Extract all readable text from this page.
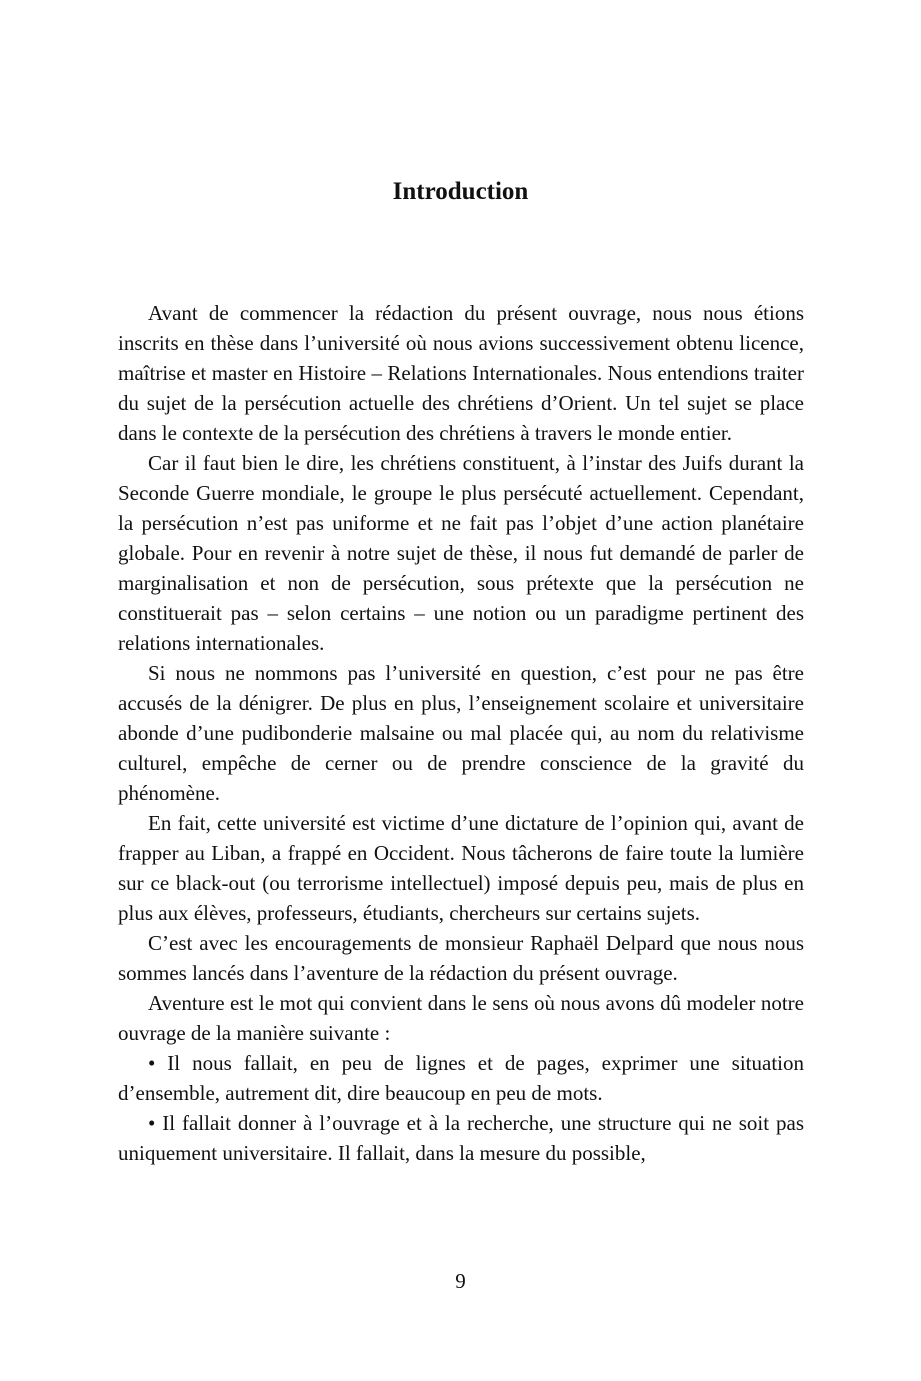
Introduction

Avant de commencer la rédaction du présent ouvrage, nous nous étions inscrits en thèse dans l’université où nous avions successivement obtenu licence, maîtrise et master en Histoire – Relations Internationales. Nous entendions traiter du sujet de la persécution actuelle des chrétiens d’Orient. Un tel sujet se place dans le contexte de la persécution des chrétiens à travers le monde entier.

Car il faut bien le dire, les chrétiens constituent, à l’instar des Juifs durant la Seconde Guerre mondiale, le groupe le plus persécuté actuellement. Cependant, la persécution n’est pas uniforme et ne fait pas l’objet d’une action planétaire globale. Pour en revenir à notre sujet de thèse, il nous fut demandé de parler de marginalisation et non de persécution, sous prétexte que la persécution ne constituerait pas – selon certains – une notion ou un paradigme pertinent des relations internationales.

Si nous ne nommons pas l’université en question, c’est pour ne pas être accusés de la dénigrer. De plus en plus, l’enseignement scolaire et universitaire abonde d’une pudibonderie malsaine ou mal placée qui, au nom du relativisme culturel, empêche de cerner ou de prendre conscience de la gravité du phénomène.

En fait, cette université est victime d’une dictature de l’opinion qui, avant de frapper au Liban, a frappé en Occident. Nous tâcherons de faire toute la lumière sur ce black-out (ou terrorisme intellectuel) imposé depuis peu, mais de plus en plus aux élèves, professeurs, étudiants, chercheurs sur certains sujets.

C’est avec les encouragements de monsieur Raphaël Delpard que nous nous sommes lancés dans l’aventure de la rédaction du présent ouvrage.

Aventure est le mot qui convient dans le sens où nous avons dû modeler notre ouvrage de la manière suivante :

• Il nous fallait, en peu de lignes et de pages, exprimer une situation d’ensemble, autrement dit, dire beaucoup en peu de mots.

• Il fallait donner à l’ouvrage et à la recherche, une structure qui ne soit pas uniquement universitaire. Il fallait, dans la mesure du possible,

9
